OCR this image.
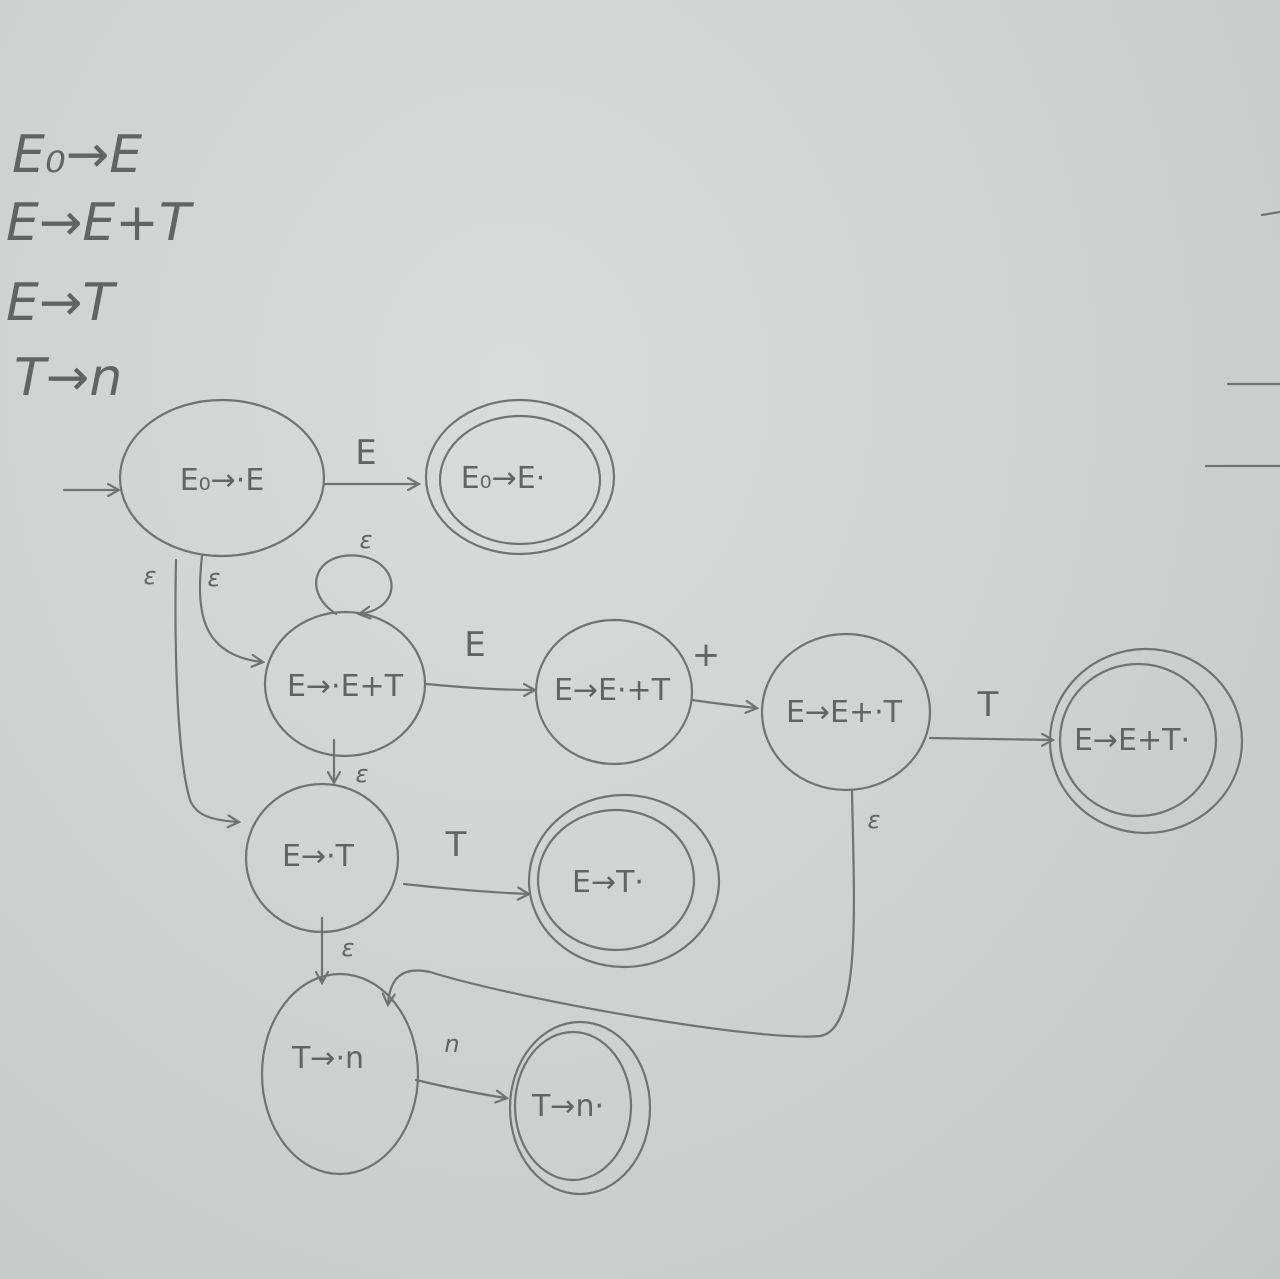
E₀→E
E→E+T
E→T
T→n
E₀→·E	E₀→E·
E→·E+T	E→E·+T
E→E+·T
E→E+T·
E→·T
E→T·
T→·n
T→n·
E
ε
ε
ε
E
ε
+
T
ε
T
ε
n
